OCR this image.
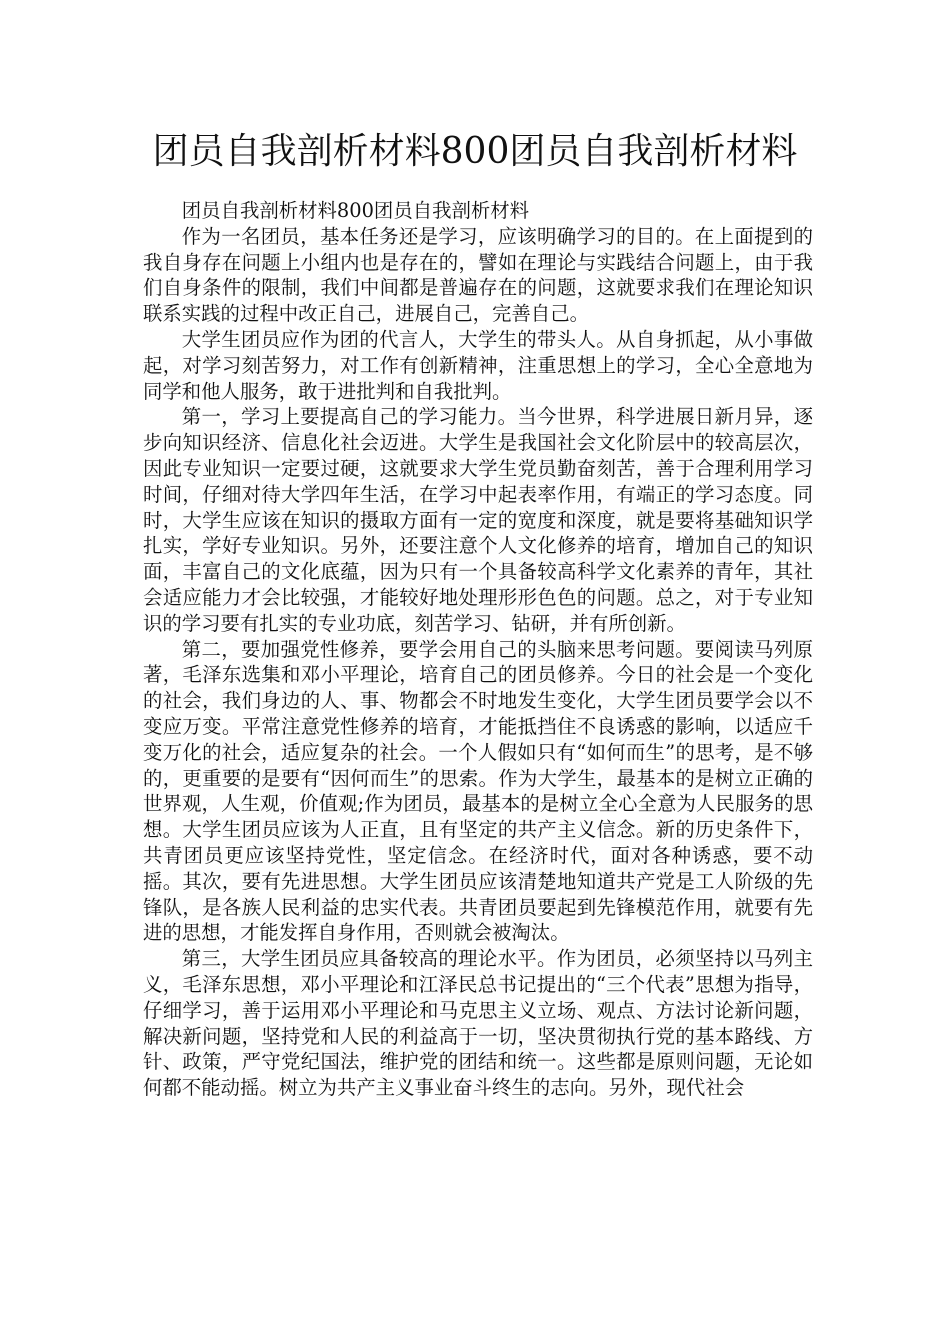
团员自我剖析材料800团员自我剖析材料

团员自我剖析材料800团员自我剖析材料

作为一名团员，基本任务还是学习，应该明确学习的目的。在上面提到的我自身存在问题上小组内也是存在的，譬如在理论与实践结合问题上，由于我们自身条件的限制，我们中间都是普遍存在的问题，这就要求我们在理论知识联系实践的过程中改正自己，进展自己，完善自己。

大学生团员应作为团的代言人，大学生的带头人。从自身抓起，从小事做起，对学习刻苦努力，对工作有创新精神，注重思想上的学习，全心全意地为同学和他人服务，敢于进批判和自我批判。

第一，学习上要提高自己的学习能力。当今世界，科学进展日新月异，逐步向知识经济、信息化社会迈进。大学生是我国社会文化阶层中的较高层次，因此专业知识一定要过硬，这就要求大学生党员勤奋刻苦，善于合理利用学习时间，仔细对待大学四年生活，在学习中起表率作用，有端正的学习态度。同时，大学生应该在知识的摄取方面有一定的宽度和深度，就是要将基础知识学扎实，学好专业知识。另外，还要注意个人文化修养的培育，增加自己的知识面，丰富自己的文化底蕴，因为只有一个具备较高科学文化素养的青年，其社会适应能力才会比较强，才能较好地处理形形色色的问题。总之，对于专业知识的学习要有扎实的专业功底，刻苦学习、钻研，并有所创新。

第二，要加强党性修养，要学会用自己的头脑来思考问题。要阅读马列原著，毛泽东选集和邓小平理论，培育自己的团员修养。今日的社会是一个变化的社会，我们身边的人、事、物都会不时地发生变化，大学生团员要学会以不变应万变。平常注意党性修养的培育，才能抵挡住不良诱惑的影响，以适应千变万化的社会，适应复杂的社会。一个人假如只有“如何而生”的思考，是不够的，更重要的是要有“因何而生”的思索。作为大学生，最基本的是树立正确的世界观，人生观，价值观;作为团员，最基本的是树立全心全意为人民服务的思想。大学生团员应该为人正直，且有坚定的共产主义信念。新的历史条件下，共青团员更应该坚持党性，坚定信念。在经济时代，面对各种诱惑，要不动摇。其次，要有先进思想。大学生团员应该清楚地知道共产党是工人阶级的先锋队，是各族人民利益的忠实代表。共青团员要起到先锋模范作用，就要有先进的思想，才能发挥自身作用，否则就会被淘汰。

第三，大学生团员应具备较高的理论水平。作为团员，必须坚持以马列主义，毛泽东思想，邓小平理论和江泽民总书记提出的“三个代表”思想为指导，仔细学习，善于运用邓小平理论和马克思主义立场、观点、方法讨论新问题，解决新问题，坚持党和人民的利益高于一切，坚决贯彻执行党的基本路线、方针、政策，严守党纪国法，维护党的团结和统一。这些都是原则问题，无论如何都不能动摇。树立为共产主义事业奋斗终生的志向。另外，现代社会
